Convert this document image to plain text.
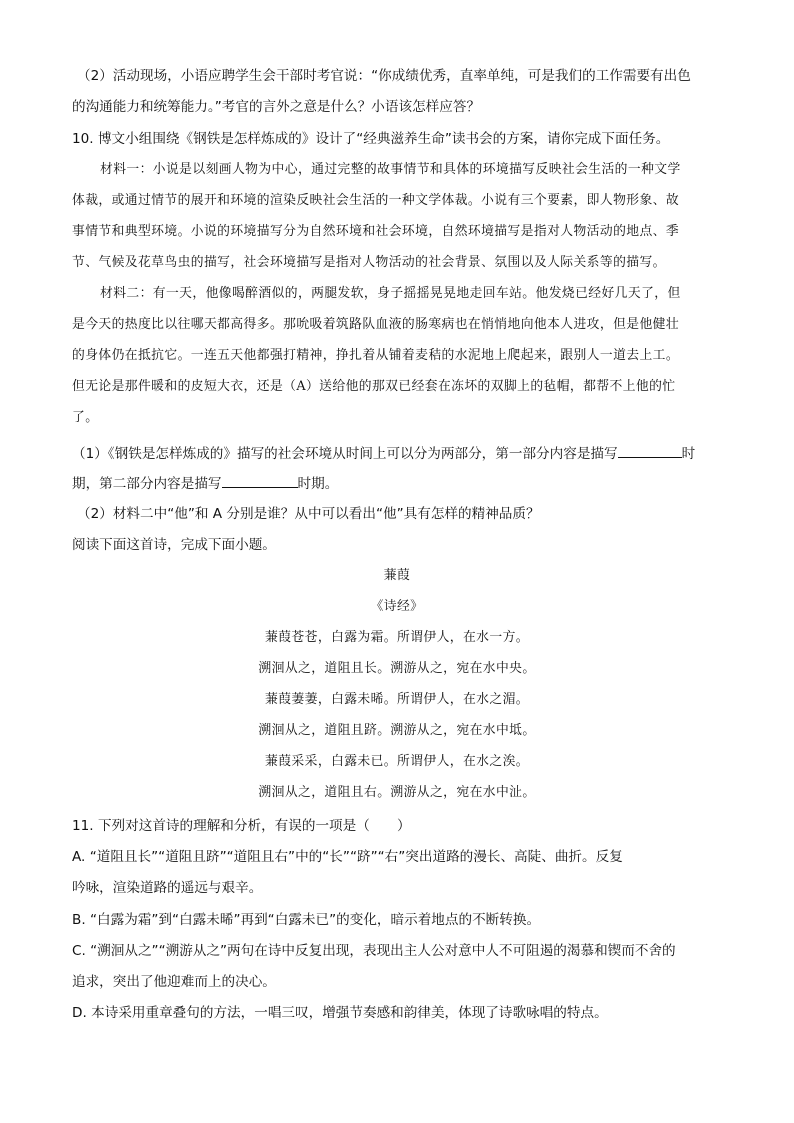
（2）活动现场，小语应聘学生会干部时考官说：“你成绩优秀，直率单纯，可是我们的工作需要有出色
的沟通能力和统筹能力。”考官的言外之意是什么？小语该怎样应答？
10. 博文小组围绕《钢铁是怎样炼成的》设计了“经典滋养生命”读书会的方案，请你完成下面任务。
材料一：小说是以刻画人物为中心，通过完整的故事情节和具体的环境描写反映社会生活的一种文学
体裁，或通过情节的展开和环境的渲染反映社会生活的一种文学体裁。小说有三个要素，即人物形象、故
事情节和典型环境。小说的环境描写分为自然环境和社会环境，自然环境描写是指对人物活动的地点、季
节、气候及花草鸟虫的描写，社会环境描写是指对人物活动的社会背景、氛围以及人际关系等的描写。
材料二：有一天，他像喝醉酒似的，两腿发软，身子摇摇晃晃地走回车站。他发烧已经好几天了，但
是今天的热度比以往哪天都高得多。那吮吸着筑路队血液的肠寒病也在悄悄地向他本人进攻，但是他健壮
的身体仍在抵抗它。一连五天他都强打精神，挣扎着从铺着麦秸的水泥地上爬起来，跟别人一道去上工。
但无论是那件暖和的皮短大衣，还是（A）送给他的那双已经套在冻坏的双脚上的毡帽，都帮不上他的忙
了。
（1）《钢铁是怎样炼成的》描写的社会环境从时间上可以分为两部分，第一部分内容是描写	时
期，第二部分内容是描写	时期。
（2）材料二中“他”和 A 分别是谁？从中可以看出“他”具有怎样的精神品质？
阅读下面这首诗，完成下面小题。
蒹葭
《诗经》
蒹葭苍苍，白露为霜。所谓伊人，在水一方。
溯洄从之，道阻且长。溯游从之，宛在水中央。
蒹葭萋萋，白露未晞。所谓伊人，在水之湄。
溯洄从之，道阻且跻。溯游从之，宛在水中坻。
蒹葭采采，白露未已。所谓伊人，在水之涘。
溯洄从之，道阻且右。溯游从之，宛在水中沚。
11. 下列对这首诗的理解和分析，有误的一项是（　　）
A. “道阻且长”“道阻且跻”“道阻且右”中的“长”“跻”“右”突出道路的漫长、高陡、曲折。反复
吟咏，渲染道路的遥远与艰辛。
B. “白露为霜”到“白露未晞”再到“白露未已”的变化，暗示着地点的不断转换。
C. “溯洄从之”“溯游从之”两句在诗中反复出现，表现出主人公对意中人不可阻遏的渴慕和锲而不舍的
追求，突出了他迎难而上的决心。
D. 本诗采用重章叠句的方法，一唱三叹，增强节奏感和韵律美，体现了诗歌咏唱的特点。
